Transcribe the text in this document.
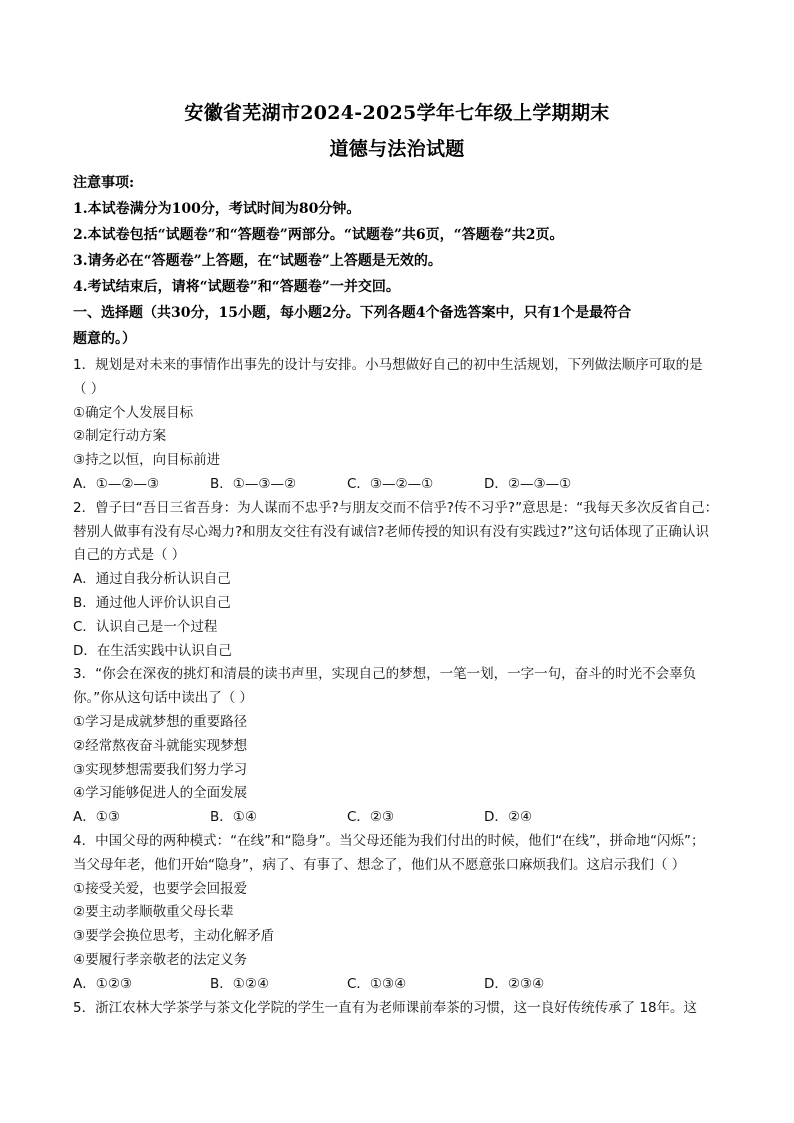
安徽省芜湖市2024-2025学年七年级上学期期末
道德与法治试题
注意事项:
1.本试卷满分为100分，考试时间为80分钟。
2.本试卷包括“试题卷”和“答题卷”两部分。“试题卷”共6页，“答题卷”共2页。
3.请务必在“答题卷”上答题，在“试题卷”上答题是无效的。
4.考试结束后，请将“试题卷”和“答题卷”一并交回。
一、选择题（共30分，15小题，每小题2分。下列各题4个备选答案中，只有1个是最符合
题意的。）
1．规划是对未来的事情作出事先的设计与安排。小马想做好自己的初中生活规划，下列做法顺序可取的是
（ ）
①确定个人发展目标
②制定行动方案
③持之以恒，向目标前进
A．①—②—③	B．①—③—②	C．③—②—①	D．②—③—①
2．曾子曰“吾日三省吾身：为人谋而不忠乎?与朋友交而不信乎?传不习乎?”意思是：“我每天多次反省自己：
替别人做事有没有尽心竭力?和朋友交往有没有诚信?老师传授的知识有没有实践过?”这句话体现了正确认识
自己的方式是（ ）
A．通过自我分析认识自己
B．通过他人评价认识自己
C．认识自己是一个过程
D．在生活实践中认识自己
3．“你会在深夜的挑灯和清晨的读书声里，实现自己的梦想，一笔一划，一字一句，奋斗的时光不会辜负
你。”你从这句话中读出了（ ）
①学习是成就梦想的重要路径
②经常熬夜奋斗就能实现梦想
③实现梦想需要我们努力学习
④学习能够促进人的全面发展
A．①③	B．①④	C．②③	D．②④
4．中国父母的两种模式：“在线”和“隐身”。当父母还能为我们付出的时候，他们“在线”，拼命地“闪烁”；
当父母年老，他们开始“隐身”，病了、有事了、想念了，他们从不愿意张口麻烦我们。这启示我们（ ）
①接受关爱，也要学会回报爱
②要主动孝顺敬重父母长辈
③要学会换位思考，主动化解矛盾
④要履行孝亲敬老的法定义务
A．①②③	B．①②④	C．①③④	D．②③④
5．浙江农林大学茶学与茶文化学院的学生一直有为老师课前奉茶的习惯，这一良好传统传承了 18年。这
